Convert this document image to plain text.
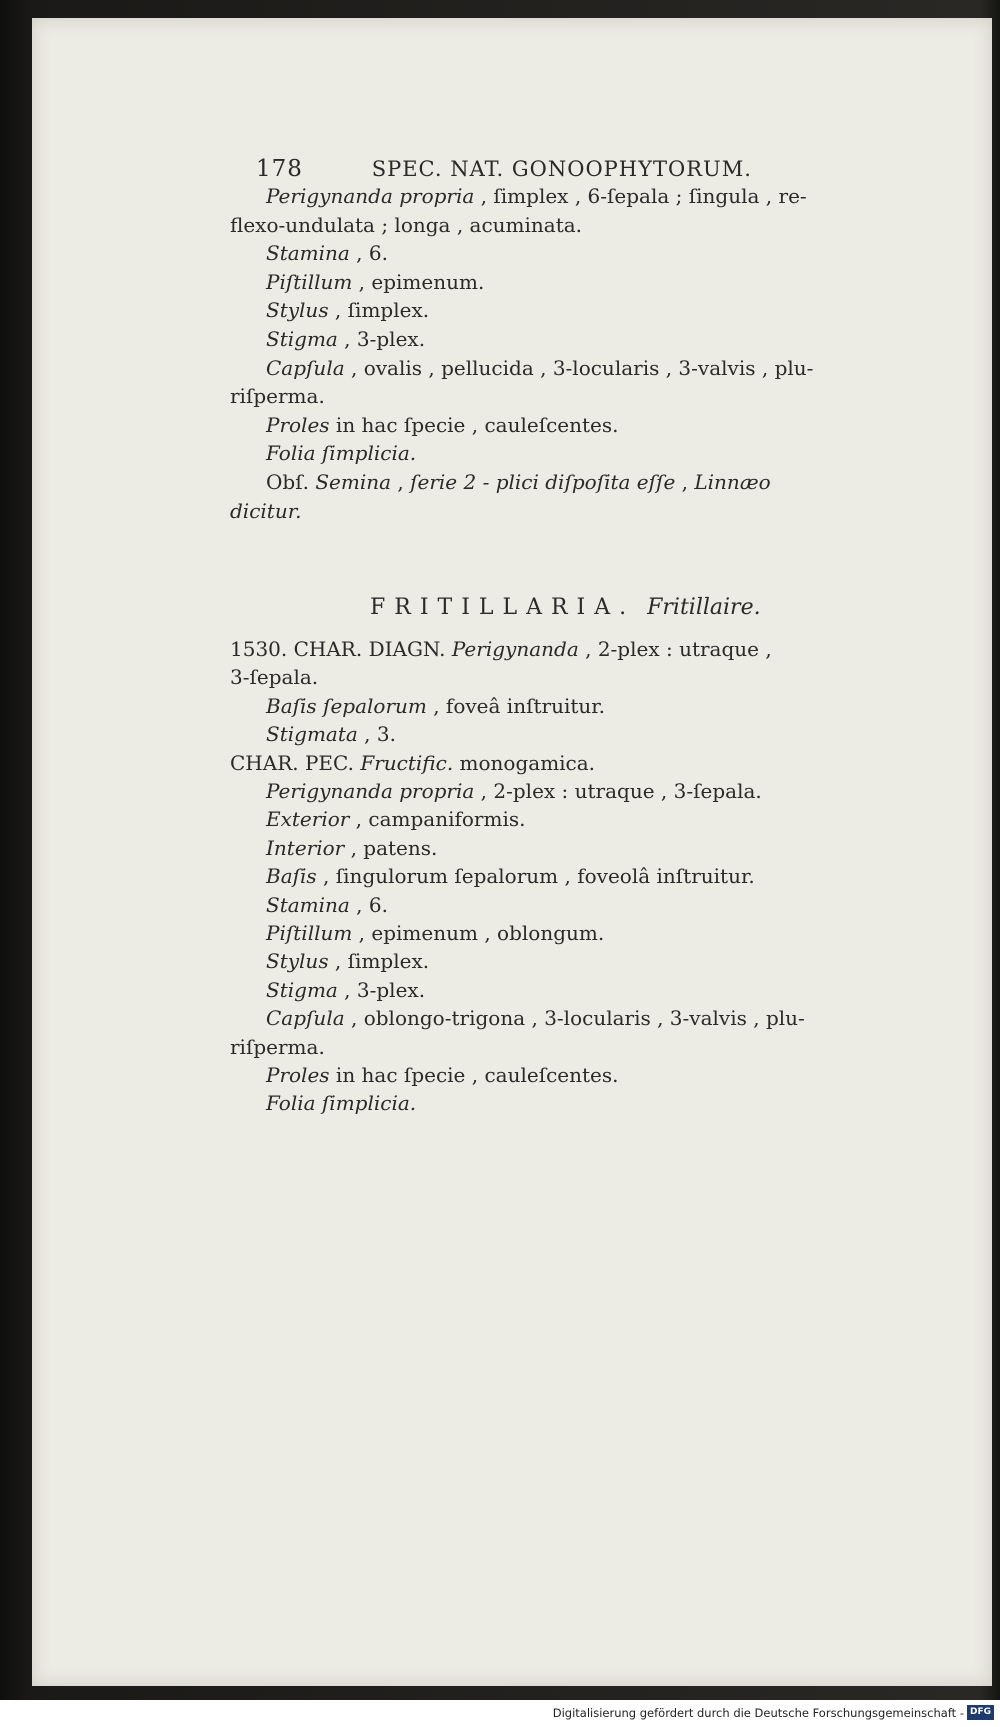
178	SPEC. NAT. GONOOPHYTORUM.
Perigynanda propria , ſimplex , 6-ſepala ; ſingula , re-
flexo-undulata ; longa , acuminata.
Stamina , 6.
Piſtillum , epimenum.
Stylus , ſimplex.
Stigma , 3-plex.
Capſula , ovalis , pellucida , 3-locularis , 3-valvis , plu-
riſperma.
Proles in hac ſpecie , cauleſcentes.
Folia ſimplicia.
Obſ. Semina , ſerie 2 - plici diſpoſita eſſe , Linnæo
dicitur.
FRITILLARIA. Fritillaire.
1530. CHAR. DIAGN. Perigynanda , 2-plex : utraque ,
3-ſepala.
Baſis ſepalorum , foveâ inſtruitur.
Stigmata , 3.
CHAR. PEC. Fructific. monogamica.
Perigynanda propria , 2-plex : utraque , 3-ſepala.
Exterior , campaniformis.
Interior , patens.
Baſis , ſingulorum ſepalorum , foveolâ inſtruitur.
Stamina , 6.
Piſtillum , epimenum , oblongum.
Stylus , ſimplex.
Stigma , 3-plex.
Capſula , oblongo-trigona , 3-locularis , 3-valvis , plu-
riſperma.
Proles in hac ſpecie , cauleſcentes.
Folia ſimplicia.
Digitalisierung gefördert durch die Deutsche Forschungsgemeinschaft - DFG
